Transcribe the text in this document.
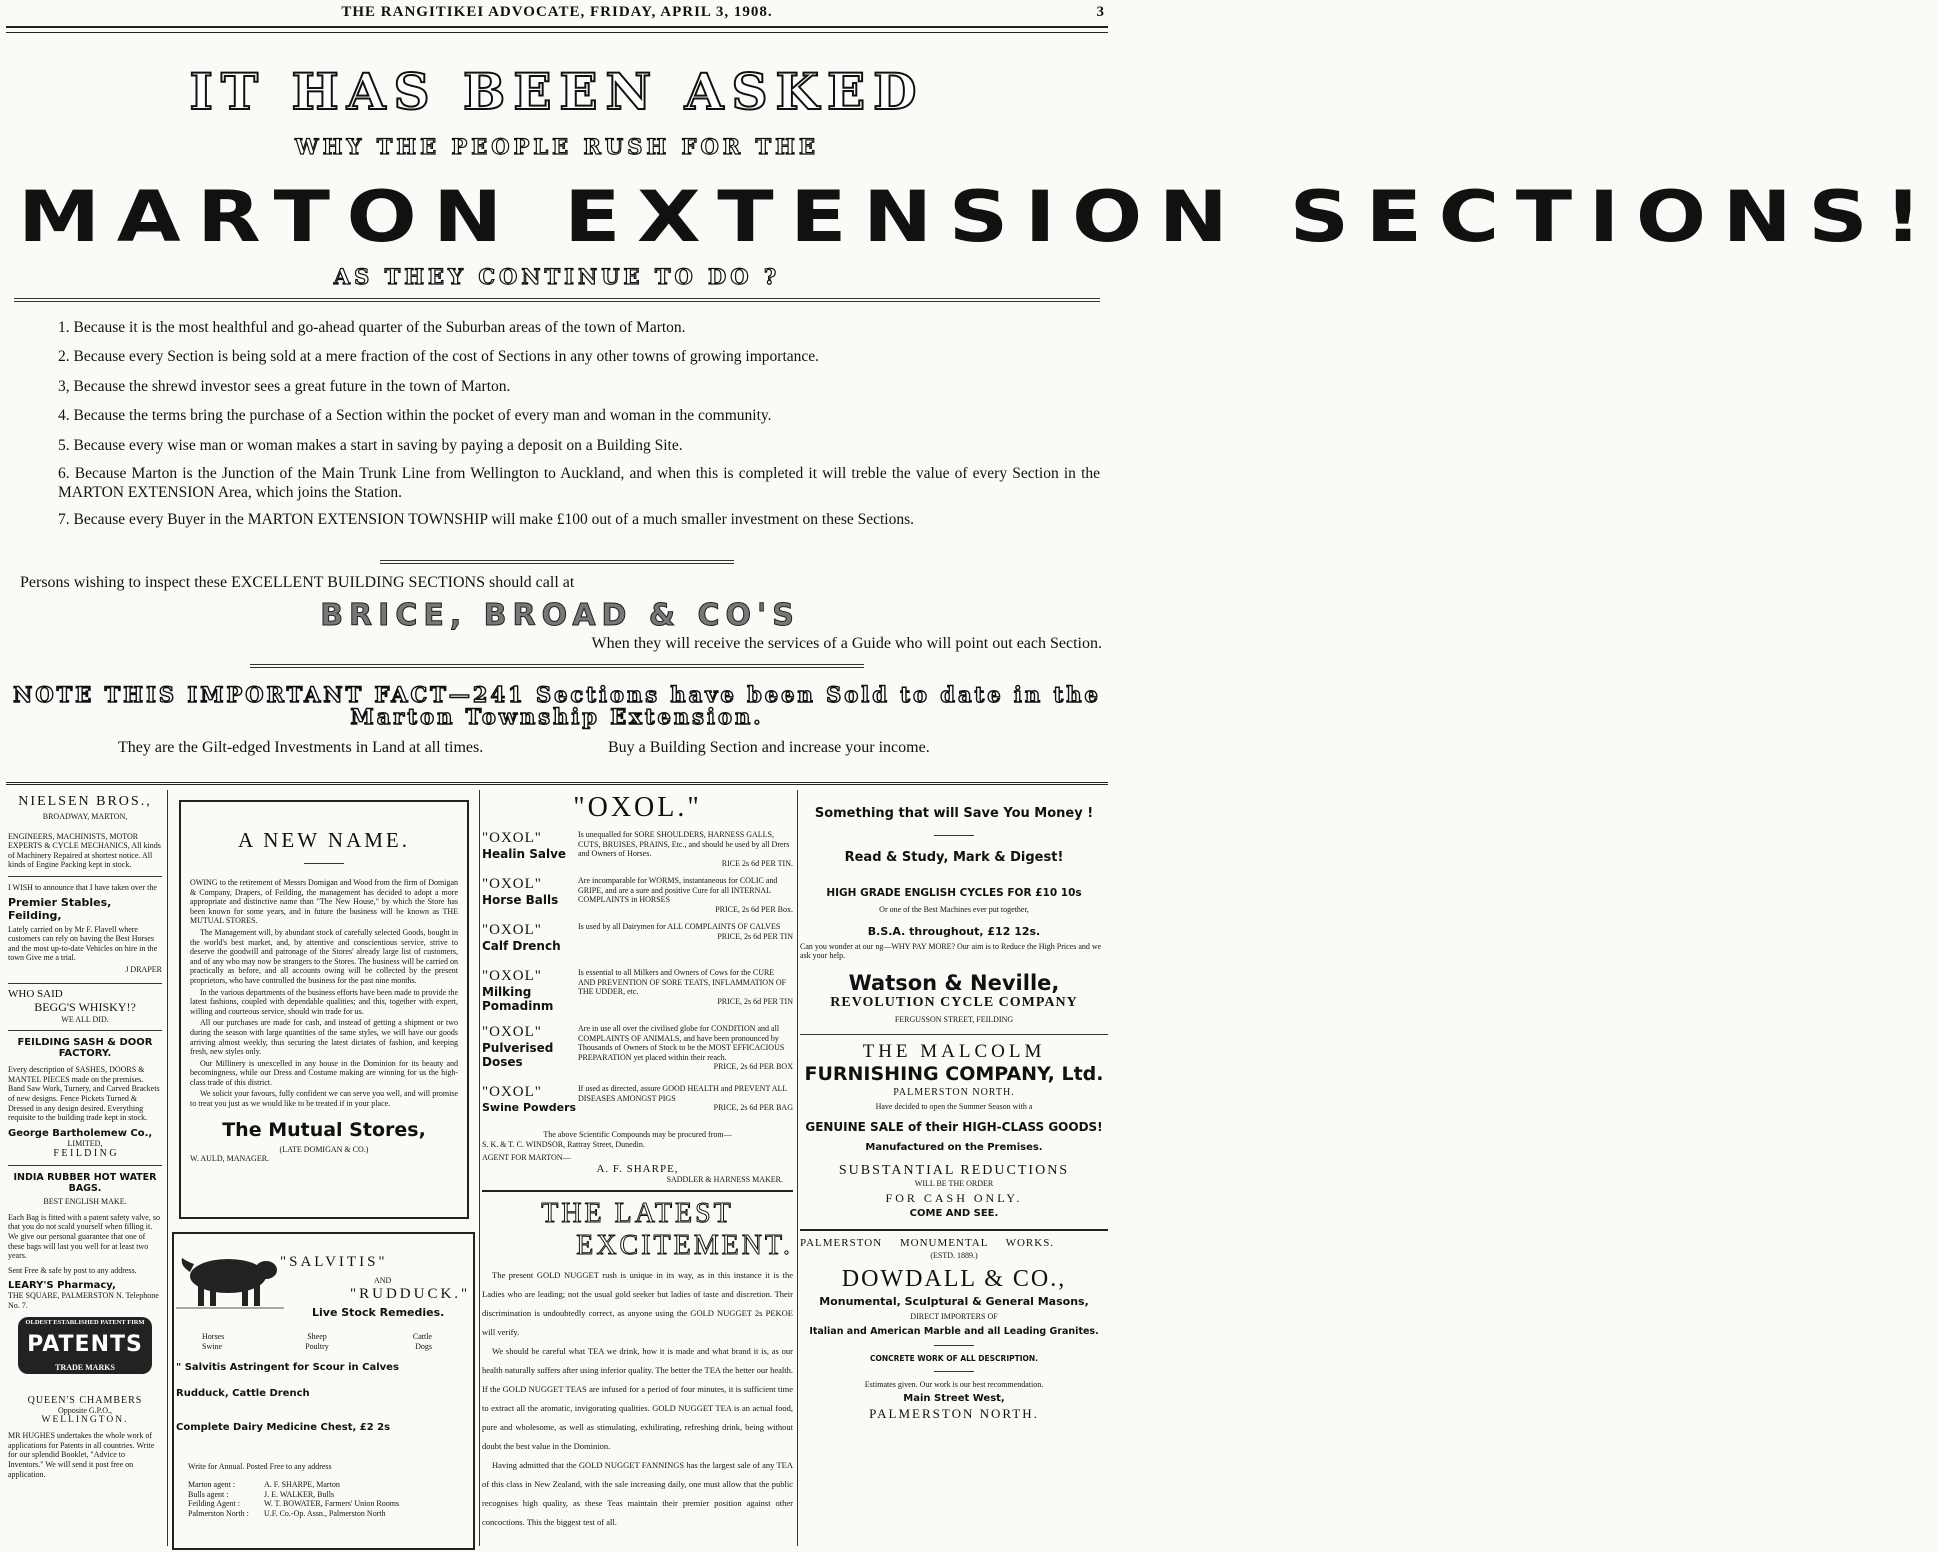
THE RANGITIKEI ADVOCATE, FRIDAY, APRIL 3, 1908.	3
IT HAS BEEN ASKED
WHY THE PEOPLE RUSH FOR THE
MARTON EXTENSION SECTIONS!
AS THEY CONTINUE TO DO ?
1. Because it is the most healthful and go-ahead quarter of the Suburban areas of the town of Marton.
2. Because every Section is being sold at a mere fraction of the cost of Sections in any other towns of growing importance.
3, Because the shrewd investor sees a great future in the town of Marton.
4. Because the terms bring the purchase of a Section within the pocket of every man and woman in the community.
5. Because every wise man or woman makes a start in saving by paying a deposit on a Building Site.
6. Because Marton is the Junction of the Main Trunk Line from Wellington to Auckland, and when this is completed it will treble the value of every Section in the MARTON EXTENSION Area, which joins the Station.
7. Because every Buyer in the MARTON EXTENSION TOWNSHIP will make £100 out of a much smaller investment on these Sections.
Persons wishing to inspect these EXCELLENT BUILDING SECTIONS should call at
BRICE, BROAD & CO'S
When they will receive the services of a Guide who will point out each Section.
NOTE THIS IMPORTANT FACT—241 Sections have been Sold to date in the
Marton Township Extension.
They are the Gilt-edged Investments in Land at all times.	Buy a Building Section and increase your income.
NIELSEN BROS.,
BROADWAY, MARTON,
ENGINEERS, MACHINISTS, MOTOR EXPERTS & CYCLE MECHANICS, All kinds of Machinery Repaired at shortest notice. All kinds of Engine Packing kept in stock.
I WISH to announce that I have taken over the
Premier Stables, Feilding,
Lately carried on by Mr F. Flavell where customers can rely on having the Best Horses and the most up-to-date Vehicles on hire in the town Give me a trial.
J DRAPER
WHO SAID
BEGG'S WHISKY!?
WE ALL DID.
FEILDING SASH & DOOR FACTORY.
Every description of SASHES, DOORS & MANTEL PIECES made on the premises. Band Saw Work, Turnery, and Carved Brackets of new designs. Fence Pickets Turned & Dressed in any design desired. Everything requisite to the building trade kept in stock.
George Bartholemew Co.,
LIMITED,
F E I L D I N G
INDIA RUBBER HOT WATER BAGS.
BEST ENGLISH MAKE.
Each Bag is fitted with a patent safety valve, so that you do not scald yourself when filling it. We give our personal guarantee that one of these bags will last you well for at least two years.
Sent Free & safe by post to any address.
LEARY'S Pharmacy,
THE SQUARE, PALMERSTON N. Telephone No. 7.
OLDEST ESTABLISHED PATENT FIRM
PATENTS
TRADE MARKS
QUEEN'S CHAMBERS
Opposite G.P.O.,
WELLINGTON.
MR HUGHES undertakes the whole work of applications for Patents in all countries. Write for our splendid Booklet, "Advice to Inventors." We will send it post free on application.
A NEW NAME.

OWING to the retirement of Messrs Domigan and Wood from the firm of Domigan & Company, Drapers, of Feilding, the management has decided to adopt a more appropriate and distinctive name than "The New House," by which the Store has been known for some years, and in future the business will be known as THE MUTUAL STORES.

The Management will, by abundant stock of carefully selected Goods, bought in the world's best market, and, by attentive and conscientious service, strive to deserve the goodwill and patronage of the Stores' already large list of customers, and of any who may now be strangers to the Stores. The business will be carried on practically as before, and all accounts owing will be collected by the present proprietors, who have controlled the business for the past nine months.

In the various departments of the business efforts have been made to provide the latest fashions, coupled with dependable qualities; and this, together with expert, willing and courteous service, should win trade for us.

All our purchases are made for cash, and instead of getting a shipment or two during the season with large quantities of the same styles, we will have our goods arriving almost weekly, thus securing the latest dictates of fashion, and keeping fresh, new styles only.

Our Millinery is unexcelled in any house in the Dominion for its beauty and becomingness, while our Dress and Costume making are winning for us the high-class trade of this district.

We solicit your favours, fully confident we can serve you well, and will promise to treat you just as we would like to be treated if in your place.

The Mutual Stores,
(LATE DOMIGAN & CO.)
W. AULD, MANAGER.
"SALVITIS"
AND
"RUDDUCK."
Live Stock Remedies.
Horses	Sheep	Cattle
Swine	Poultry	Dogs
" Salvitis Astringent for Scour in Calves
Rudduck, Cattle Drench
Complete Dairy Medicine Chest, £2 2s
Write for Annual. Posted Free to any address
Marton agent :	A. F. SHARPE, Marton
Bulls agent :	J. E. WALKER, Bulls
Feilding Agent :	W. T. BOWATER, Farmers' Union Rooms
Palmerston North :	U.F. Co.-Op. Assn., Palmerston North
"OXOL."
"OXOL"
Healin Salve
Is unequalled for SORE SHOULDERS, HARNESS GALLS, CUTS, BRUISES, PRAINS, Etc., and should be used by all Drers and Owners of Horses.
RICE 2s 6d PER TIN.
"OXOL"
Horse Balls
Are incomparable for WORMS, instantaneous for COLIC and GRIPE, and are a sure and positive Cure for all INTERNAL COMPLAINTS in HORSES
PRICE, 2s 6d PER Box.
"OXOL"
Calf Drench
Is used by all Dairymen for ALL COMPLAINTS OF CALVES
PRICE, 2s 6d PER TIN
"OXOL"
Milking Pomadinm
Is essential to all Milkers and Owners of Cows for the CURE AND PREVENTION OF SORE TEATS, INFLAMMATION OF THE UDDER, etc.
PRICE, 2s 6d PER TIN
"OXOL"
Pulverised Doses
Are in use all over the civilised globe for CONDITION and all COMPLAINTS OF ANIMALS, and have been pronounced by Thousands of Owners of Stock to be the MOST EFFICACIOUS PREPARATION yet placed within their reach.
PRICE, 2s 6d PER BOX
"OXOL"
Swine Powders
If used as directed, assure GOOD HEALTH and PREVENT ALL DISEASES AMONGST PIGS
PRICE, 2s 6d PER BAG
The above Scientific Compounds may be procured from—
S. K. & T. C. WINDSOR, Rattray Street, Dunedin.
AGENT FOR MARTON—
A. F. SHARPE,
SADDLER & HARNESS MAKER.
THE LATEST
EXCITEMENT.

The present GOLD NUGGET rush is unique in its way, as in this instance it is the Ladies who are leading; not the usual gold seeker but ladies of taste and discretion. Their discrimination is undoubtedly correct, as anyone using the GOLD NUGGET 2s PEKOE will verify.

We should be careful what TEA we drink, how it is made and what brand it is, as our health naturally suffers after using inferior quality. The better the TEA the better our health. If the GOLD NUGGET TEAS are infused for a period of four minutes, it is sufficient time to extract all the aromatic, invigorating qualities. GOLD NUGGET TEA is an actual food, pure and wholesome, as well as stimulating, exhilirating, refreshing drink, being without doubt the best value in the Dominion.

Having admitted that the GOLD NUGGET FANNINGS has the largest sale of any TEA of this class in New Zealand, with the sale increasing daily, one must allow that the public recognises high quality, as these Teas maintain their premier position against other concoctions. This the biggest test of all.

Something that will Save You Money !
Read & Study, Mark & Digest!
HIGH GRADE ENGLISH CYCLES FOR £10 10s
Or one of the Best Machines ever put together,
B.S.A. throughout, £12 12s.
Can you wonder at our ng—WHY PAY MORE? Our aim is to Reduce the High Prices and we ask your help.
Watson & Neville,
REVOLUTION CYCLE COMPANY
FERGUSSON STREET, FEILDING
THE MALCOLM
FURNISHING COMPANY, Ltd.
PALMERSTON NORTH.
Have decided to open the Summer Season with a
GENUINE SALE of their HIGH-CLASS GOODS!
Manufactured on the Premises.
SUBSTANTIAL REDUCTIONS
WILL BE THE ORDER
FOR CASH ONLY.
COME AND SEE.
PALMERSTON MONUMENTAL WORKS.
(ESTD. 1889.)
DOWDALL & CO.,
Monumental, Sculptural & General Masons,
DIRECT IMPORTERS OF
Italian and American Marble and all Leading Granites.
CONCRETE WORK OF ALL DESCRIPTION.
Estimates given. Our work is our best recommendation.
Main Street West,
PALMERSTON NORTH.
